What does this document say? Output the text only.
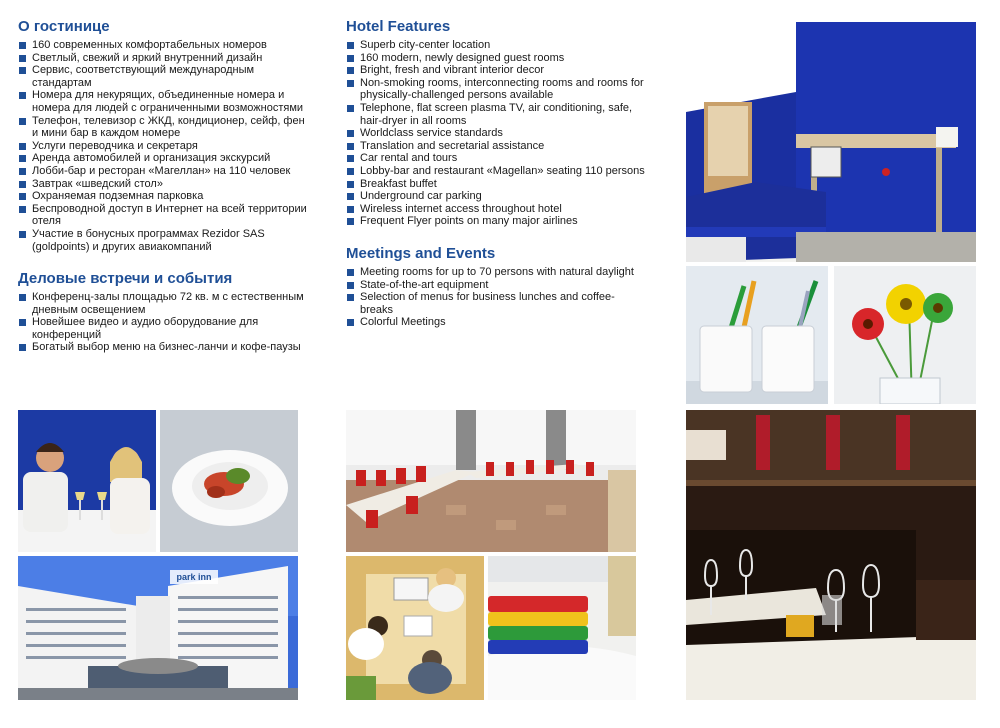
О гостинице
160 современных комфортабельных номеров
Светлый, свежий и яркий внутренний дизайн
Сервис, соответствующий международным стандартам
Номера для некурящих, объединенные номера и номера для людей с ограниченными возможностями
Телефон, телевизор с ЖКД, кондиционер, сейф, фен и мини бар в каждом номере
Услуги переводчика и секретаря
Аренда автомобилей и организация экскурсий
Лобби-бар и ресторан «Магеллан» на 110 человек
Завтрак «шведский стол»
Охраняемая подземная парковка
Беспроводной доступ в Интернет на всей территории отеля
Участие в бонусных программах Rezidor SAS (goldpoints) и других авиакомпаний
Деловые встречи и события
Конференц-залы площадью 72 кв. м с естественным дневным освещением
Новейшее видео и аудио оборудование для конференций
Богатый выбор меню на бизнес-ланчи и кофе-паузы
Hotel Features
Superb city-center location
160 modern, newly designed guest rooms
Bright, fresh and vibrant interior decor
Non-smoking rooms, interconnecting rooms and rooms for physically-challenged persons available
Telephone, flat screen plasma TV, air conditioning, safe, hair-dryer in all rooms
Worldclass service standards
Translation and secretarial assistance
Car rental and tours
Lobby-bar and restaurant «Magellan» seating 110 persons
Breakfast buffet
Underground car parking
Wireless internet access throughout hotel
Frequent Flyer points on many major airlines
Meetings and Events
Meeting rooms for up to 70 persons with natural daylight
State-of-the-art equipment
Selection of menus for business lunches and coffee-breaks
Colorful Meetings
park inn
